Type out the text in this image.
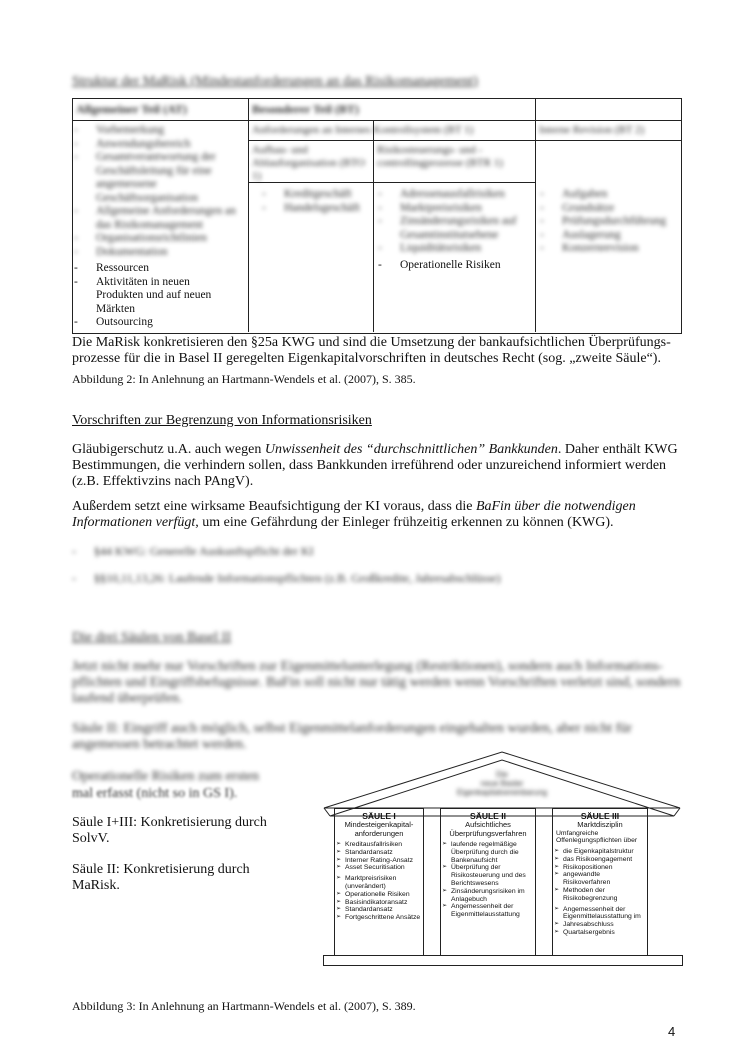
Struktur der MaRisk (Mindestanforderungen an das Risikomanagement)
Allgemeiner Teil (AT)	Besonderer Teil (BT)
Anforderungen an Internes Kontrollsystem (BT 1)	Interne Revision (BT 2)
Aufbau- und Ablauforganisation (BTO 1)
Risikosteuerungs- und -controllingprozesse (BTR 1)
- Vorbemerkung
- Anwendungsbereich
- Gesamtverantwortung der
Geschäftsleitung für eine
angemessene
Geschäftsorganisation
- Allgemeine Anforderungen an
das Risikomanagement
- Organisationsrichtlinien
- Dokumentation
- Ressourcen
- Aktivitäten in neuen
Produkten und auf neuen
Märkten
- Outsourcing
- Kreditgeschäft
- Handelsgeschäft
- Adressenausfallrisiken
- Marktpreisrisiken
- Zinsänderungsrisiken auf
Gesamtinstitutsebene
- Liquiditätsrisiken
- Operationelle Risiken
- Aufgaben
- Grundsätze
- Prüfungsdurchführung
- Auslagerung
- Konzernrevision
Die MaRisk konkretisieren den §25a KWG und sind die Umsetzung der bankaufsichtlichen Überprüfungs-
prozesse für die in Basel II geregelten Eigenkapitalvorschriften in deutsches Recht (sog. „zweite Säule“).
Abbildung 2: In Anlehnung an Hartmann-Wendels et al. (2007), S. 385.
Vorschriften zur Begrenzung von Informationsrisiken
Gläubigerschutz u.A. auch wegen Unwissenheit des “durchschnittlichen” Bankkunden. Daher enthält KWG
Bestimmungen, die verhindern sollen, dass Bankkunden irreführend oder unzureichend informiert werden
(z.B. Effektivzins nach PAngV).
Außerdem setzt eine wirksame Beaufsichtigung der KI voraus, dass die BaFin über die notwendigen
Informationen verfügt, um eine Gefährdung der Einleger frühzeitig erkennen zu können (KWG).
- §44 KWG: Generelle Auskunftspflicht der KI
- §§10,11,13,26: Laufende Informationspflichten (z.B. Großkredite, Jahresabschlüsse)
Die drei Säulen von Basel II
Jetzt nicht mehr nur Vorschriften zur Eigenmittelunterlegung (Restriktionen), sondern auch Informations-
pflichten und Eingriffsbefugnisse. BaFin soll nicht nur tätig werden wenn Vorschriften verletzt sind, sondern
laufend überprüfen.
Säule II: Eingriff auch möglich, selbst Eigenmittelanforderungen eingehalten wurden, aber nicht für
angemessen betrachtet werden.
Operationelle Risiken zum ersten
mal erfasst (nicht so in GS I).
Säule I+III: Konkretisierung durch
SolvV.
Säule II: Konkretisierung durch
MaRisk.
Die
neue Basler
Eigenkapitalvereinbarung
SÄULE I
Mindesteigenkapital-
anforderungen
➢ Kreditausfallrisiken
➢ Standardansatz
➢ Interner Rating-Ansatz
➢ Asset Securitisation
➢ Marktpreisrisiken (unverändert)
➢ Operationelle Risiken
➢ Basisindikatoransatz
➢ Standardansatz
➢ Fortgeschrittene Ansätze
SÄULE II
Aufsichtliches
Überprüfungsverfahren
➢ laufende regelmäßige Überprüfung durch die Bankenaufsicht
➢ Überprüfung der Risikosteuerung und des Berichtswesens
➢ Zinsänderungsrisiken im Anlagebuch
➢ Angemessenheit der Eigenmittelausstattung
SÄULE III
Marktdisziplin
Umfangreiche Offenlegungspflichten über
➢ die Eigenkapitalstruktur
➢ das Risikoengagement
➢ Risikopositionen
➢ angewandte Risikoverfahren
➢ Methoden der Risikobegrenzung
➢ Angemessenheit der Eigenmittelausstattung im
➢ Jahresabschluss
➢ Quartalsergebnis
Abbildung 3: In Anlehnung an Hartmann-Wendels et al. (2007), S. 389.
4
